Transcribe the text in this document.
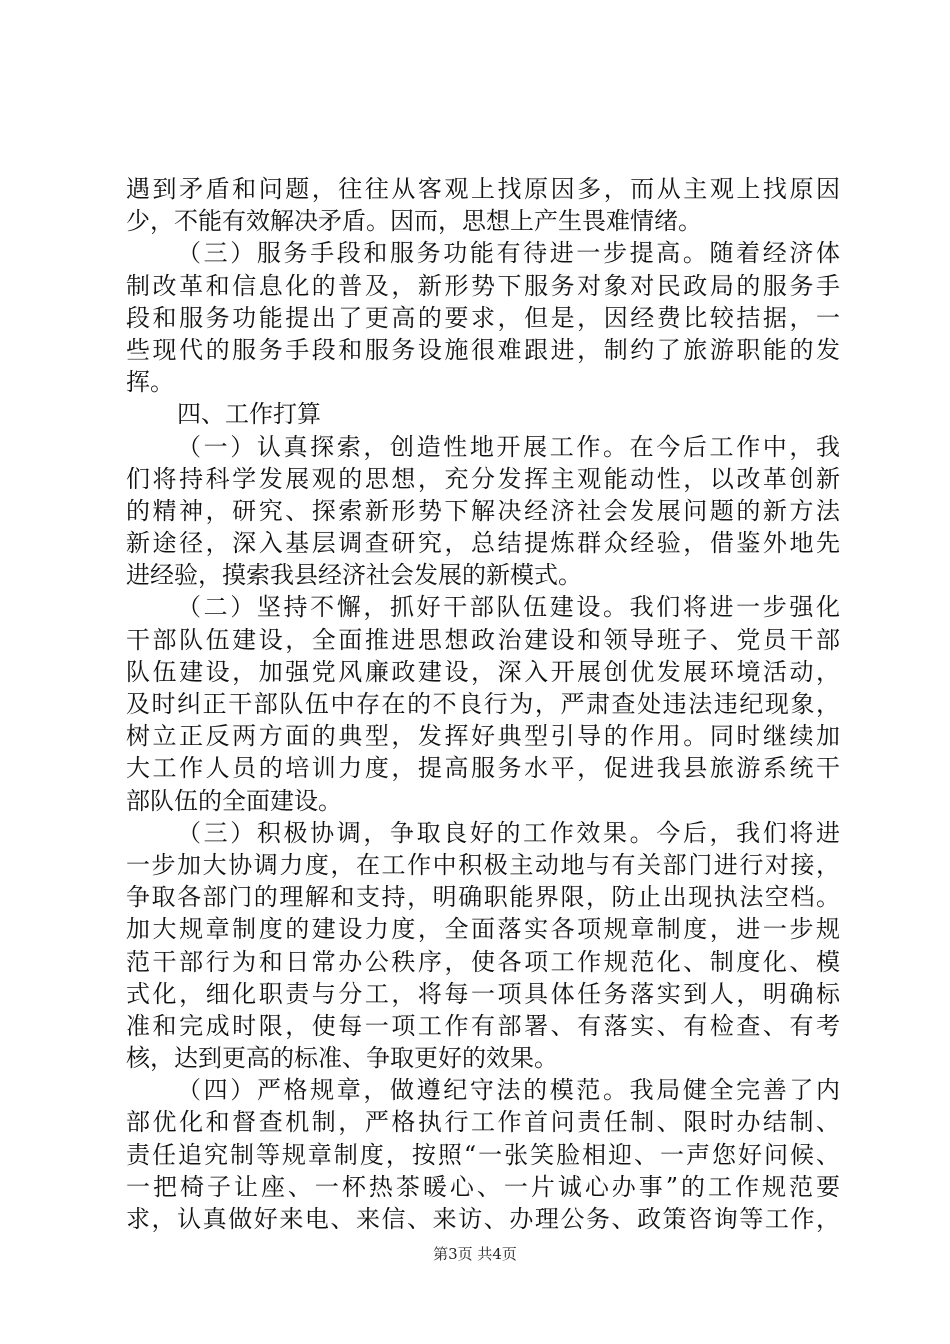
遇到矛盾和问题，往往从客观上找原因多，而从主观上找原因
少，不能有效解决矛盾。因而，思想上产生畏难情绪。
（三）服务手段和服务功能有待进一步提高。随着经济体
制改革和信息化的普及，新形势下服务对象对民政局的服务手
段和服务功能提出了更高的要求，但是，因经费比较拮据，一
些现代的服务手段和服务设施很难跟进，制约了旅游职能的发
挥。
四、工作打算
（一）认真探索，创造性地开展工作。在今后工作中，我
们将持科学发展观的思想，充分发挥主观能动性，以改革创新
的精神，研究、探索新形势下解决经济社会发展问题的新方法
新途径，深入基层调查研究，总结提炼群众经验，借鉴外地先
进经验，摸索我县经济社会发展的新模式。
（二）坚持不懈，抓好干部队伍建设。我们将进一步强化
干部队伍建设，全面推进思想政治建设和领导班子、党员干部
队伍建设，加强党风廉政建设，深入开展创优发展环境活动，
及时纠正干部队伍中存在的不良行为，严肃查处违法违纪现象，
树立正反两方面的典型，发挥好典型引导的作用。同时继续加
大工作人员的培训力度，提高服务水平，促进我县旅游系统干
部队伍的全面建设。
（三）积极协调，争取良好的工作效果。今后，我们将进
一步加大协调力度，在工作中积极主动地与有关部门进行对接，
争取各部门的理解和支持，明确职能界限，防止出现执法空档。
加大规章制度的建设力度，全面落实各项规章制度，进一步规
范干部行为和日常办公秩序，使各项工作规范化、制度化、模
式化，细化职责与分工，将每一项具体任务落实到人，明确标
准和完成时限，使每一项工作有部署、有落实、有检查、有考
核，达到更高的标准、争取更好的效果。
（四）严格规章，做遵纪守法的模范。我局健全完善了内
部优化和督查机制，严格执行工作首问责任制、限时办结制、
责任追究制等规章制度，按照“一张笑脸相迎、一声您好问候、
一把椅子让座、一杯热茶暖心、一片诚心办事”的工作规范要
求，认真做好来电、来信、来访、办理公务、政策咨询等工作，
第3页 共4页
